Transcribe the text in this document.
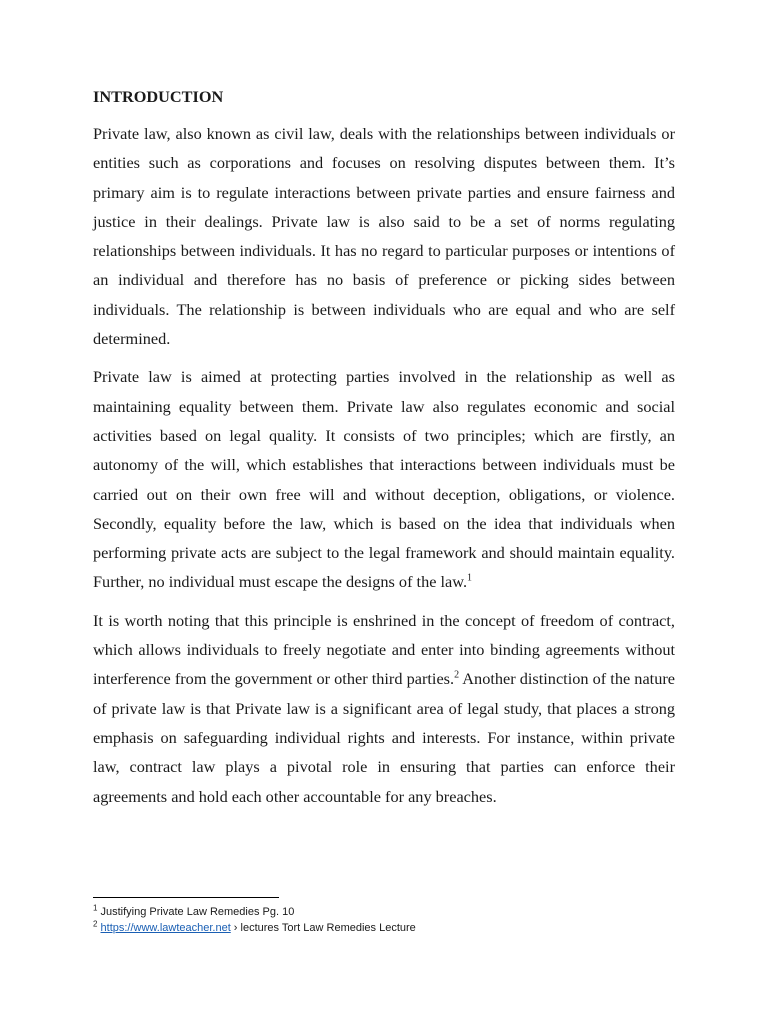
INTRODUCTION

Private law, also known as civil law, deals with the relationships between individuals or entities such as corporations and focuses on resolving disputes between them. It’s primary aim is to regulate interactions between private parties and ensure fairness and justice in their dealings. Private law is also said to be a set of norms regulating relationships between individuals. It has no regard to particular purposes or intentions of an individual and therefore has no basis of preference or picking sides between individuals. The relationship is between individuals who are equal and who are self determined.

Private law is aimed at protecting parties involved in the relationship as well as maintaining equality between them. Private law also regulates economic and social activities based on legal quality. It consists of two principles; which are firstly, an autonomy of the will, which establishes that interactions between individuals must be carried out on their own free will and without deception, obligations, or violence. Secondly, equality before the law, which is based on the idea that individuals when performing private acts are subject to the legal framework and should maintain equality. Further, no individual must escape the designs of the law.$^1$

It is worth noting that this principle is enshrined in the concept of freedom of contract, which allows individuals to freely negotiate and enter into binding agreements without interference from the government or other third parties.$^2$ Another distinction of the nature of private law is that Private law is a significant area of legal study, that places a strong emphasis on safeguarding individual rights and interests. For instance, within private law, contract law plays a pivotal role in ensuring that parties can enforce their agreements and hold each other accountable for any breaches.

$^1$ Justifying Private Law Remedies Pg. 10

$^2$ https://www.lawteacher.net › lectures Tort Law Remedies Lecture
